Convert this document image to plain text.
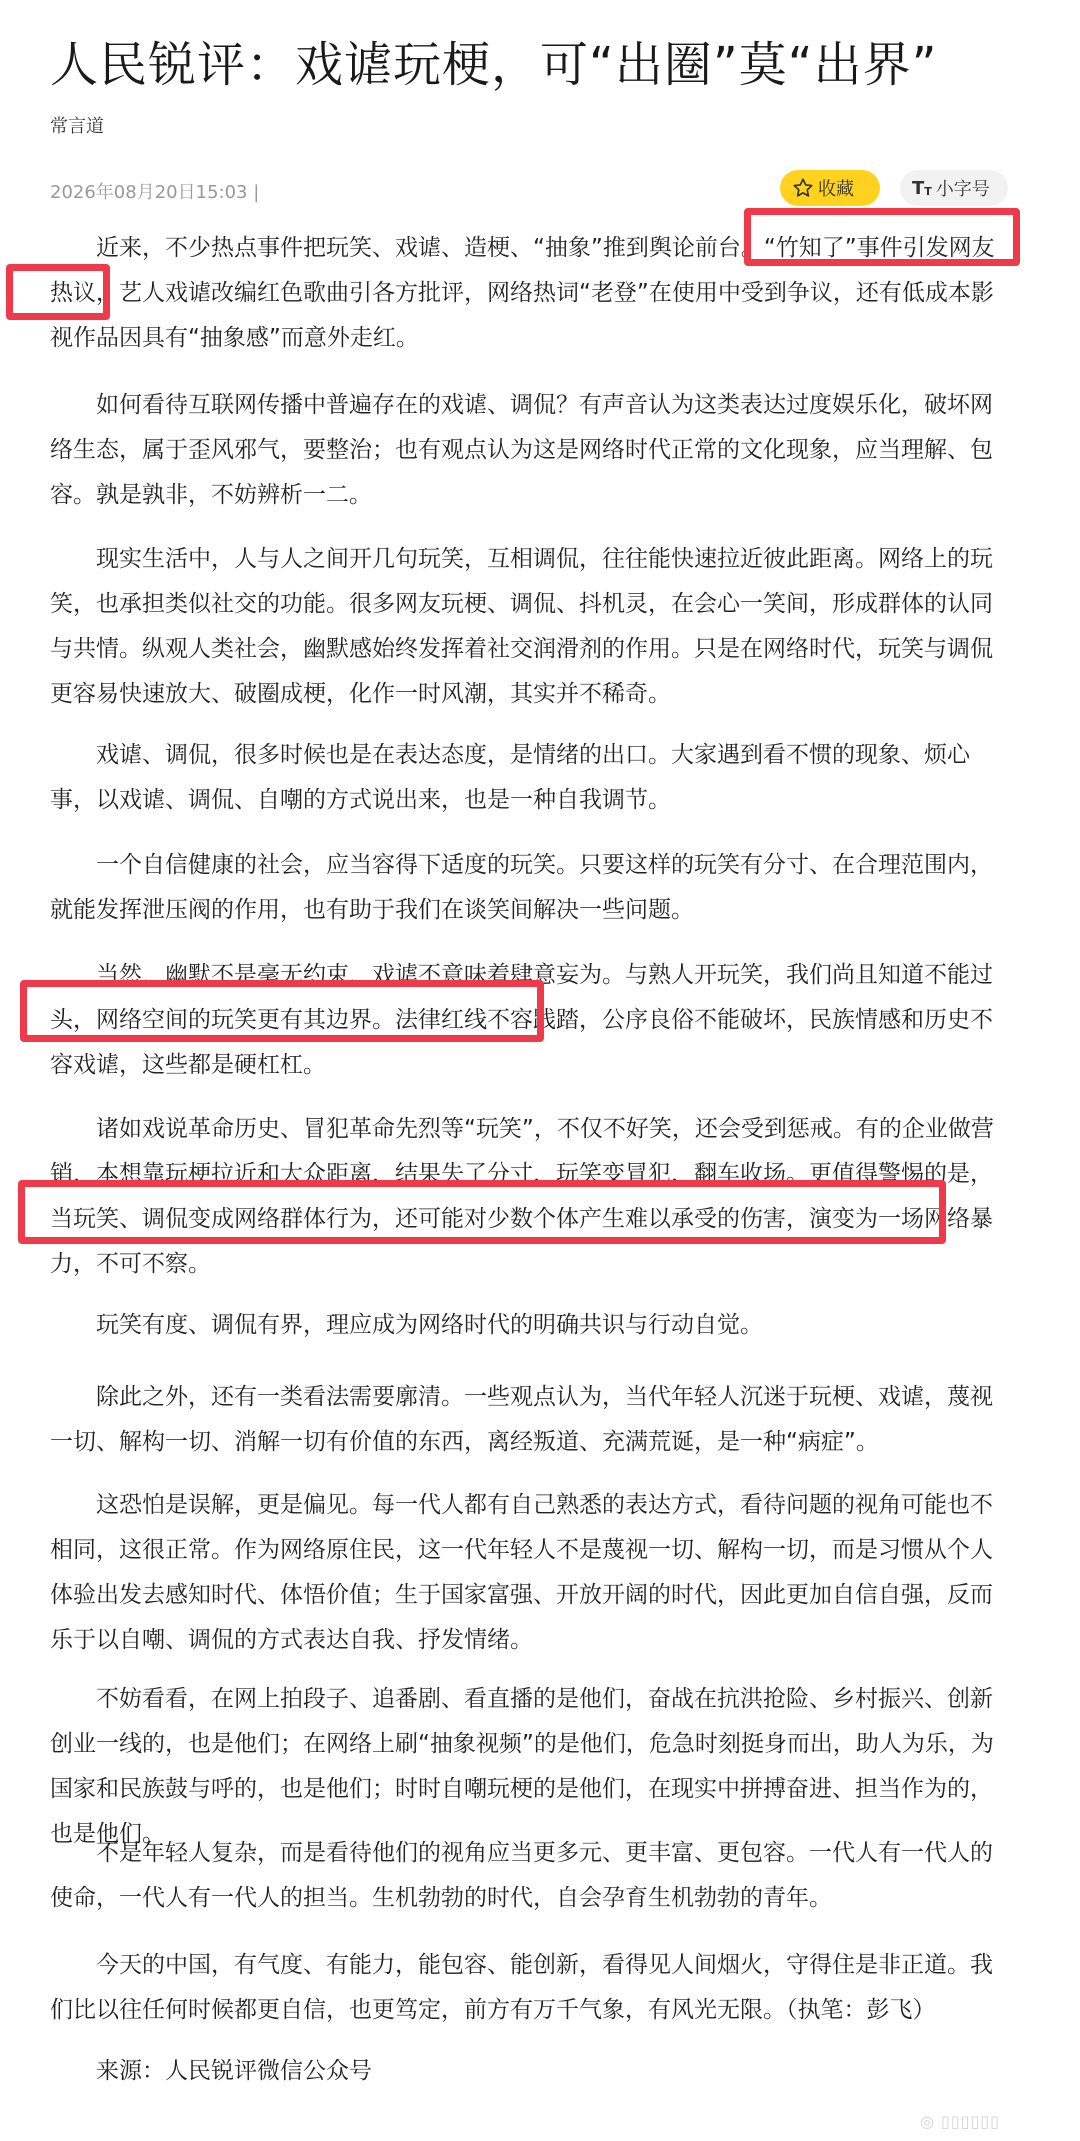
人民锐评：戏谑玩梗，可“出圈”莫“出界”
常言道
2026年08月20日15:03 |	收藏	T T 小字号

近来，不少热点事件把玩笑、戏谑、造梗、“抽象”推到舆论前台。“竹知了”事件引发网友热议，艺人戏谑改编红色歌曲引各方批评，网络热词“老登”在使用中受到争议，还有低成本影视作品因具有“抽象感”而意外走红。

如何看待互联网传播中普遍存在的戏谑、调侃？有声音认为这类表达过度娱乐化，破坏网络生态，属于歪风邪气，要整治；也有观点认为这是网络时代正常的文化现象，应当理解、包容。孰是孰非，不妨辨析一二。

现实生活中，人与人之间开几句玩笑，互相调侃，往往能快速拉近彼此距离。网络上的玩笑，也承担类似社交的功能。很多网友玩梗、调侃、抖机灵，在会心一笑间，形成群体的认同与共情。纵观人类社会，幽默感始终发挥着社交润滑剂的作用。只是在网络时代，玩笑与调侃更容易快速放大、破圈成梗，化作一时风潮，其实并不稀奇。

戏谑、调侃，很多时候也是在表达态度，是情绪的出口。大家遇到看不惯的现象、烦心事，以戏谑、调侃、自嘲的方式说出来，也是一种自我调节。

一个自信健康的社会，应当容得下适度的玩笑。只要这样的玩笑有分寸、在合理范围内，就能发挥泄压阀的作用，也有助于我们在谈笑间解决一些问题。

当然，幽默不是毫无约束，戏谑不意味着肆意妄为。与熟人开玩笑，我们尚且知道不能过头，网络空间的玩笑更有其边界。法律红线不容践踏，公序良俗不能破坏，民族情感和历史不容戏谑，这些都是硬杠杠。

诸如戏说革命历史、冒犯革命先烈等“玩笑”，不仅不好笑，还会受到惩戒。有的企业做营销，本想靠玩梗拉近和大众距离，结果失了分寸，玩笑变冒犯，翻车收场。更值得警惕的是，当玩笑、调侃变成网络群体行为，还可能对少数个体产生难以承受的伤害，演变为一场网络暴力，不可不察。

玩笑有度、调侃有界，理应成为网络时代的明确共识与行动自觉。

除此之外，还有一类看法需要廓清。一些观点认为，当代年轻人沉迷于玩梗、戏谑，蔑视一切、解构一切、消解一切有价值的东西，离经叛道、充满荒诞，是一种“病症”。

这恐怕是误解，更是偏见。每一代人都有自己熟悉的表达方式，看待问题的视角可能也不相同，这很正常。作为网络原住民，这一代年轻人不是蔑视一切、解构一切，而是习惯从个人体验出发去感知时代、体悟价值；生于国家富强、开放开阔的时代，因此更加自信自强，反而乐于以自嘲、调侃的方式表达自我、抒发情绪。

不妨看看，在网上拍段子、追番剧、看直播的是他们，奋战在抗洪抢险、乡村振兴、创新创业一线的，也是他们；在网络上刷“抽象视频”的是他们，危急时刻挺身而出，助人为乐，为国家和民族鼓与呼的，也是他们；时时自嘲玩梗的是他们，在现实中拼搏奋进、担当作为的，也是他们。

不是年轻人复杂，而是看待他们的视角应当更多元、更丰富、更包容。一代人有一代人的使命，一代人有一代人的担当。生机勃勃的时代，自会孕育生机勃勃的青年。

今天的中国，有气度、有能力，能包容、能创新，看得见人间烟火，守得住是非正道。我们比以往任何时候都更自信，也更笃定，前方有万千气象，有风光无限。（执笔：彭飞）

来源：人民锐评微信公众号

◎ ▯▯▯▯▯▯
